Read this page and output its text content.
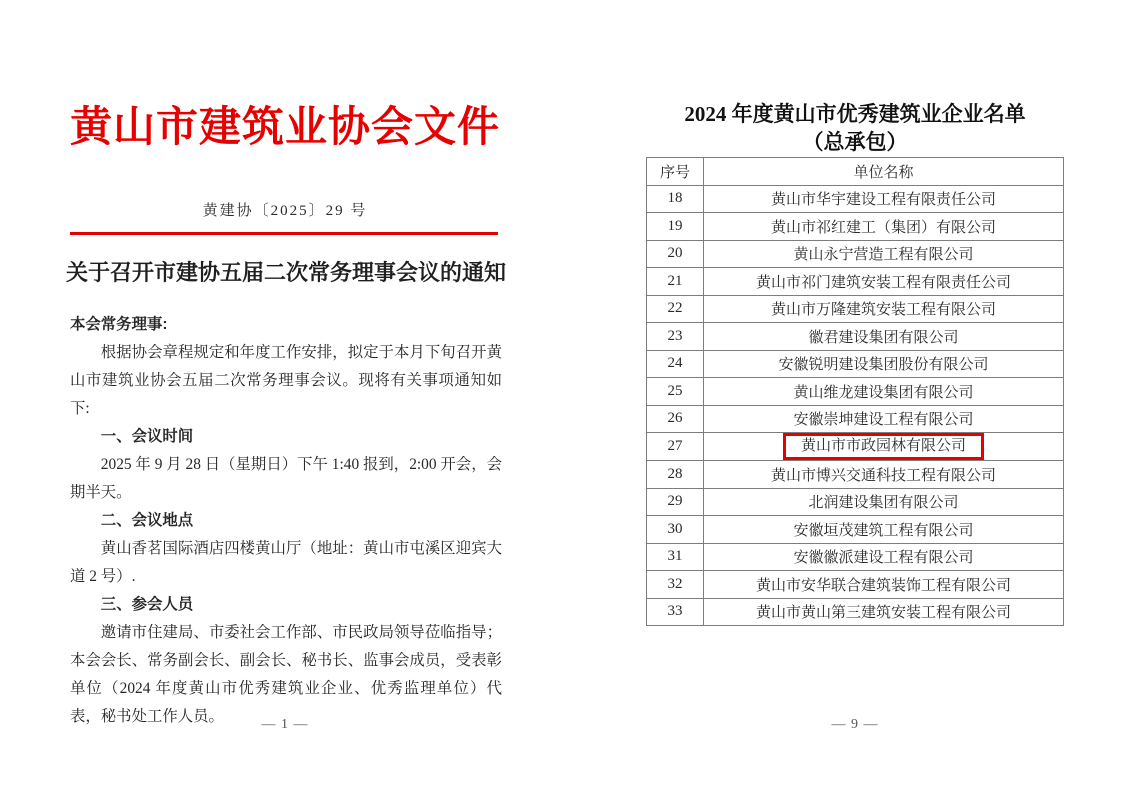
黄山市建筑业协会文件
黄建协〔2025〕29 号
关于召开市建协五届二次常务理事会议的通知
本会常务理事:

根据协会章程规定和年度工作安排，拟定于本月下旬召开黄山市建筑业协会五届二次常务理事会议。现将有关事项通知如下:

一、会议时间

2025 年 9 月 28 日（星期日）下午 1:40 报到，2:00 开会，会期半天。

二、会议地点

黄山香茗国际酒店四楼黄山厅（地址：黄山市屯溪区迎宾大道 2 号）.

三、参会人员

邀请市住建局、市委社会工作部、市民政局领导莅临指导；本会会长、常务副会长、副会长、秘书长、监事会成员，受表彰单位（2024 年度黄山市优秀建筑业企业、优秀监理单位）代表，秘书处工作人员。	— 1 —
2024 年度黄山市优秀建筑业企业名单
（总承包）
序号	单位名称
18	黄山市华宇建设工程有限责任公司
19	黄山市祁红建工（集团）有限公司
20	黄山永宁营造工程有限公司
21	黄山市祁门建筑安装工程有限责任公司
22	黄山市万隆建筑安装工程有限公司
23	徽君建设集团有限公司
24	安徽锐明建设集团股份有限公司
25	黄山维龙建设集团有限公司
26	安徽崇坤建设工程有限公司
27	黄山市市政园林有限公司
28	黄山市博兴交通科技工程有限公司
29	北润建设集团有限公司
30	安徽垣茂建筑工程有限公司
31	安徽徽派建设工程有限公司
32	黄山市安华联合建筑装饰工程有限公司
33	黄山市黄山第三建筑安装工程有限公司
— 9 —
